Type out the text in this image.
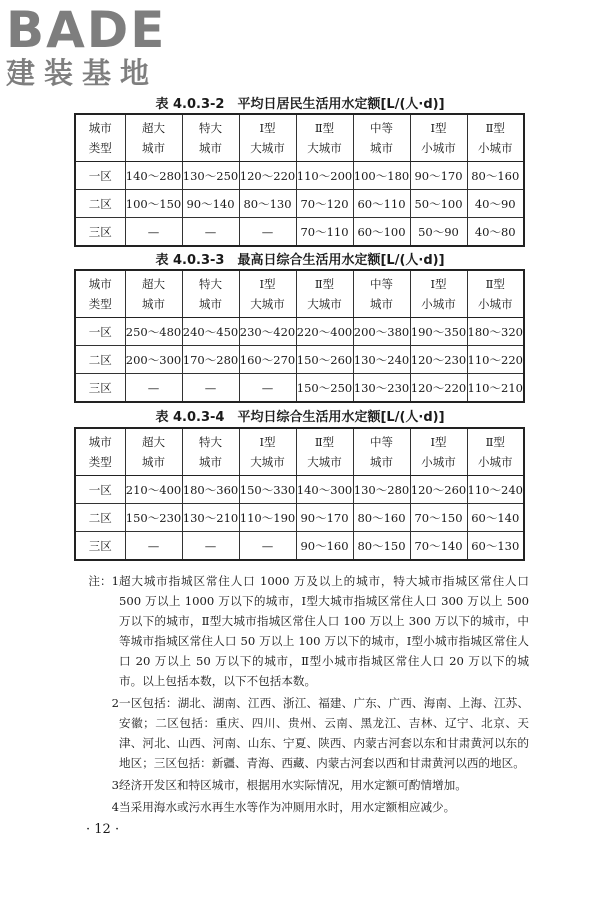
BADE
建装基地
表 4.0.3-2　平均日居民生活用水定额[L/(人·d)]
城市	超大	特大	Ⅰ型	Ⅱ型	中等	Ⅰ型	Ⅱ型
类型	城市	城市	大城市	大城市	城市	小城市	小城市
一区	140～280	130～250	120～220	110～200	100～180	90～170	80～160
二区	100～150	90～140	80～130	70～120	60～110	50～100	40～90
三区	—	—	—	70～110	60～100	50～90	40～80
表 4.0.3-3　最高日综合生活用水定额[L/(人·d)]
城市	超大	特大	Ⅰ型	Ⅱ型	中等	Ⅰ型	Ⅱ型
类型	城市	城市	大城市	大城市	城市	小城市	小城市
一区	250～480	240～450	230～420	220～400	200～380	190～350	180～320
二区	200～300	170～280	160～270	150～260	130～240	120～230	110～220
三区	—	—	—	150～250	130～230	120～220	110～210
表 4.0.3-4　平均日综合生活用水定额[L/(人·d)]
城市	超大	特大	Ⅰ型	Ⅱ型	中等	Ⅰ型	Ⅱ型
类型	城市	城市	大城市	大城市	城市	小城市	小城市
一区	210～400	180～360	150～330	140～300	130～280	120～260	110～240
二区	150～230	130～210	110～190	90～170	80～160	70～150	60～140
三区	—	—	—	90～160	80～150	70～140	60～130
注：1 超大城市指城区常住人口 1000 万及以上的城市，特大城市指城区常住人口 500 万以上 1000 万以下的城市，Ⅰ型大城市指城区常住人口 300 万以上 500 万以下的城市，Ⅱ型大城市指城区常住人口 100 万以上 300 万以下的城市，中等城市指城区常住人口 50 万以上 100 万以下的城市，Ⅰ型小城市指城区常住人口 20 万以上 50 万以下的城市，Ⅱ型小城市指城区常住人口 20 万以下的城市。以上包括本数，以下不包括本数。
2 一区包括：湖北、湖南、江西、浙江、福建、广东、广西、海南、上海、江苏、安徽；二区包括：重庆、四川、贵州、云南、黑龙江、吉林、辽宁、北京、天津、河北、山西、河南、山东、宁夏、陕西、内蒙古河套以东和甘肃黄河以东的地区；三区包括：新疆、青海、西藏、内蒙古河套以西和甘肃黄河以西的地区。
3 经济开发区和特区城市，根据用水实际情况，用水定额可酌情增加。
4 当采用海水或污水再生水等作为冲厕用水时，用水定额相应减少。
· 12 ·
